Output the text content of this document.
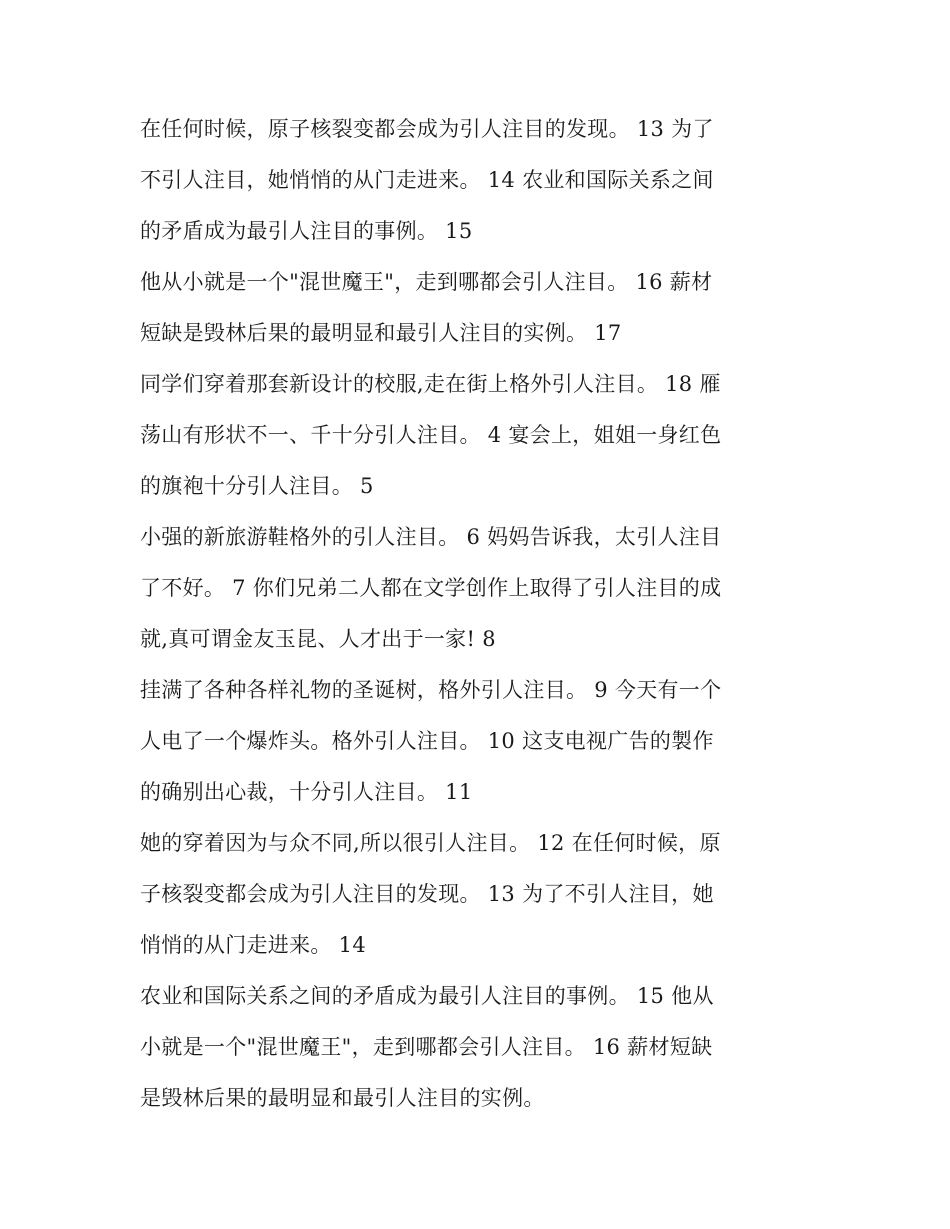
在任何时候，原子核裂变都会成为引人注目的发现。 13 为了
不引人注目，她悄悄的从门走进来。 14 农业和国际关系之间
的矛盾成为最引人注目的事例。 15
他从小就是一个"混世魔王"，走到哪都会引人注目。 16 薪材
短缺是毁林后果的最明显和最引人注目的实例。 17
同学们穿着那套新设计的校服,走在街上格外引人注目。 18 雁
荡山有形状不一、千十分引人注目。 4 宴会上，姐姐一身红色
的旗袍十分引人注目。 5
小强的新旅游鞋格外的引人注目。 6 妈妈告诉我，太引人注目
了不好。 7 你们兄弟二人都在文学创作上取得了引人注目的成
就,真可谓金友玉昆、人才出于一家! 8
挂满了各种各样礼物的圣诞树，格外引人注目。 9 今天有一个
人电了一个爆炸头。格外引人注目。 10 这支电视广告的製作
的确别出心裁，十分引人注目。 11
她的穿着因为与众不同,所以很引人注目。 12 在任何时候，原
子核裂变都会成为引人注目的发现。 13 为了不引人注目，她
悄悄的从门走进来。 14
农业和国际关系之间的矛盾成为最引人注目的事例。 15 他从
小就是一个"混世魔王"，走到哪都会引人注目。 16 薪材短缺
是毁林后果的最明显和最引人注目的实例。
